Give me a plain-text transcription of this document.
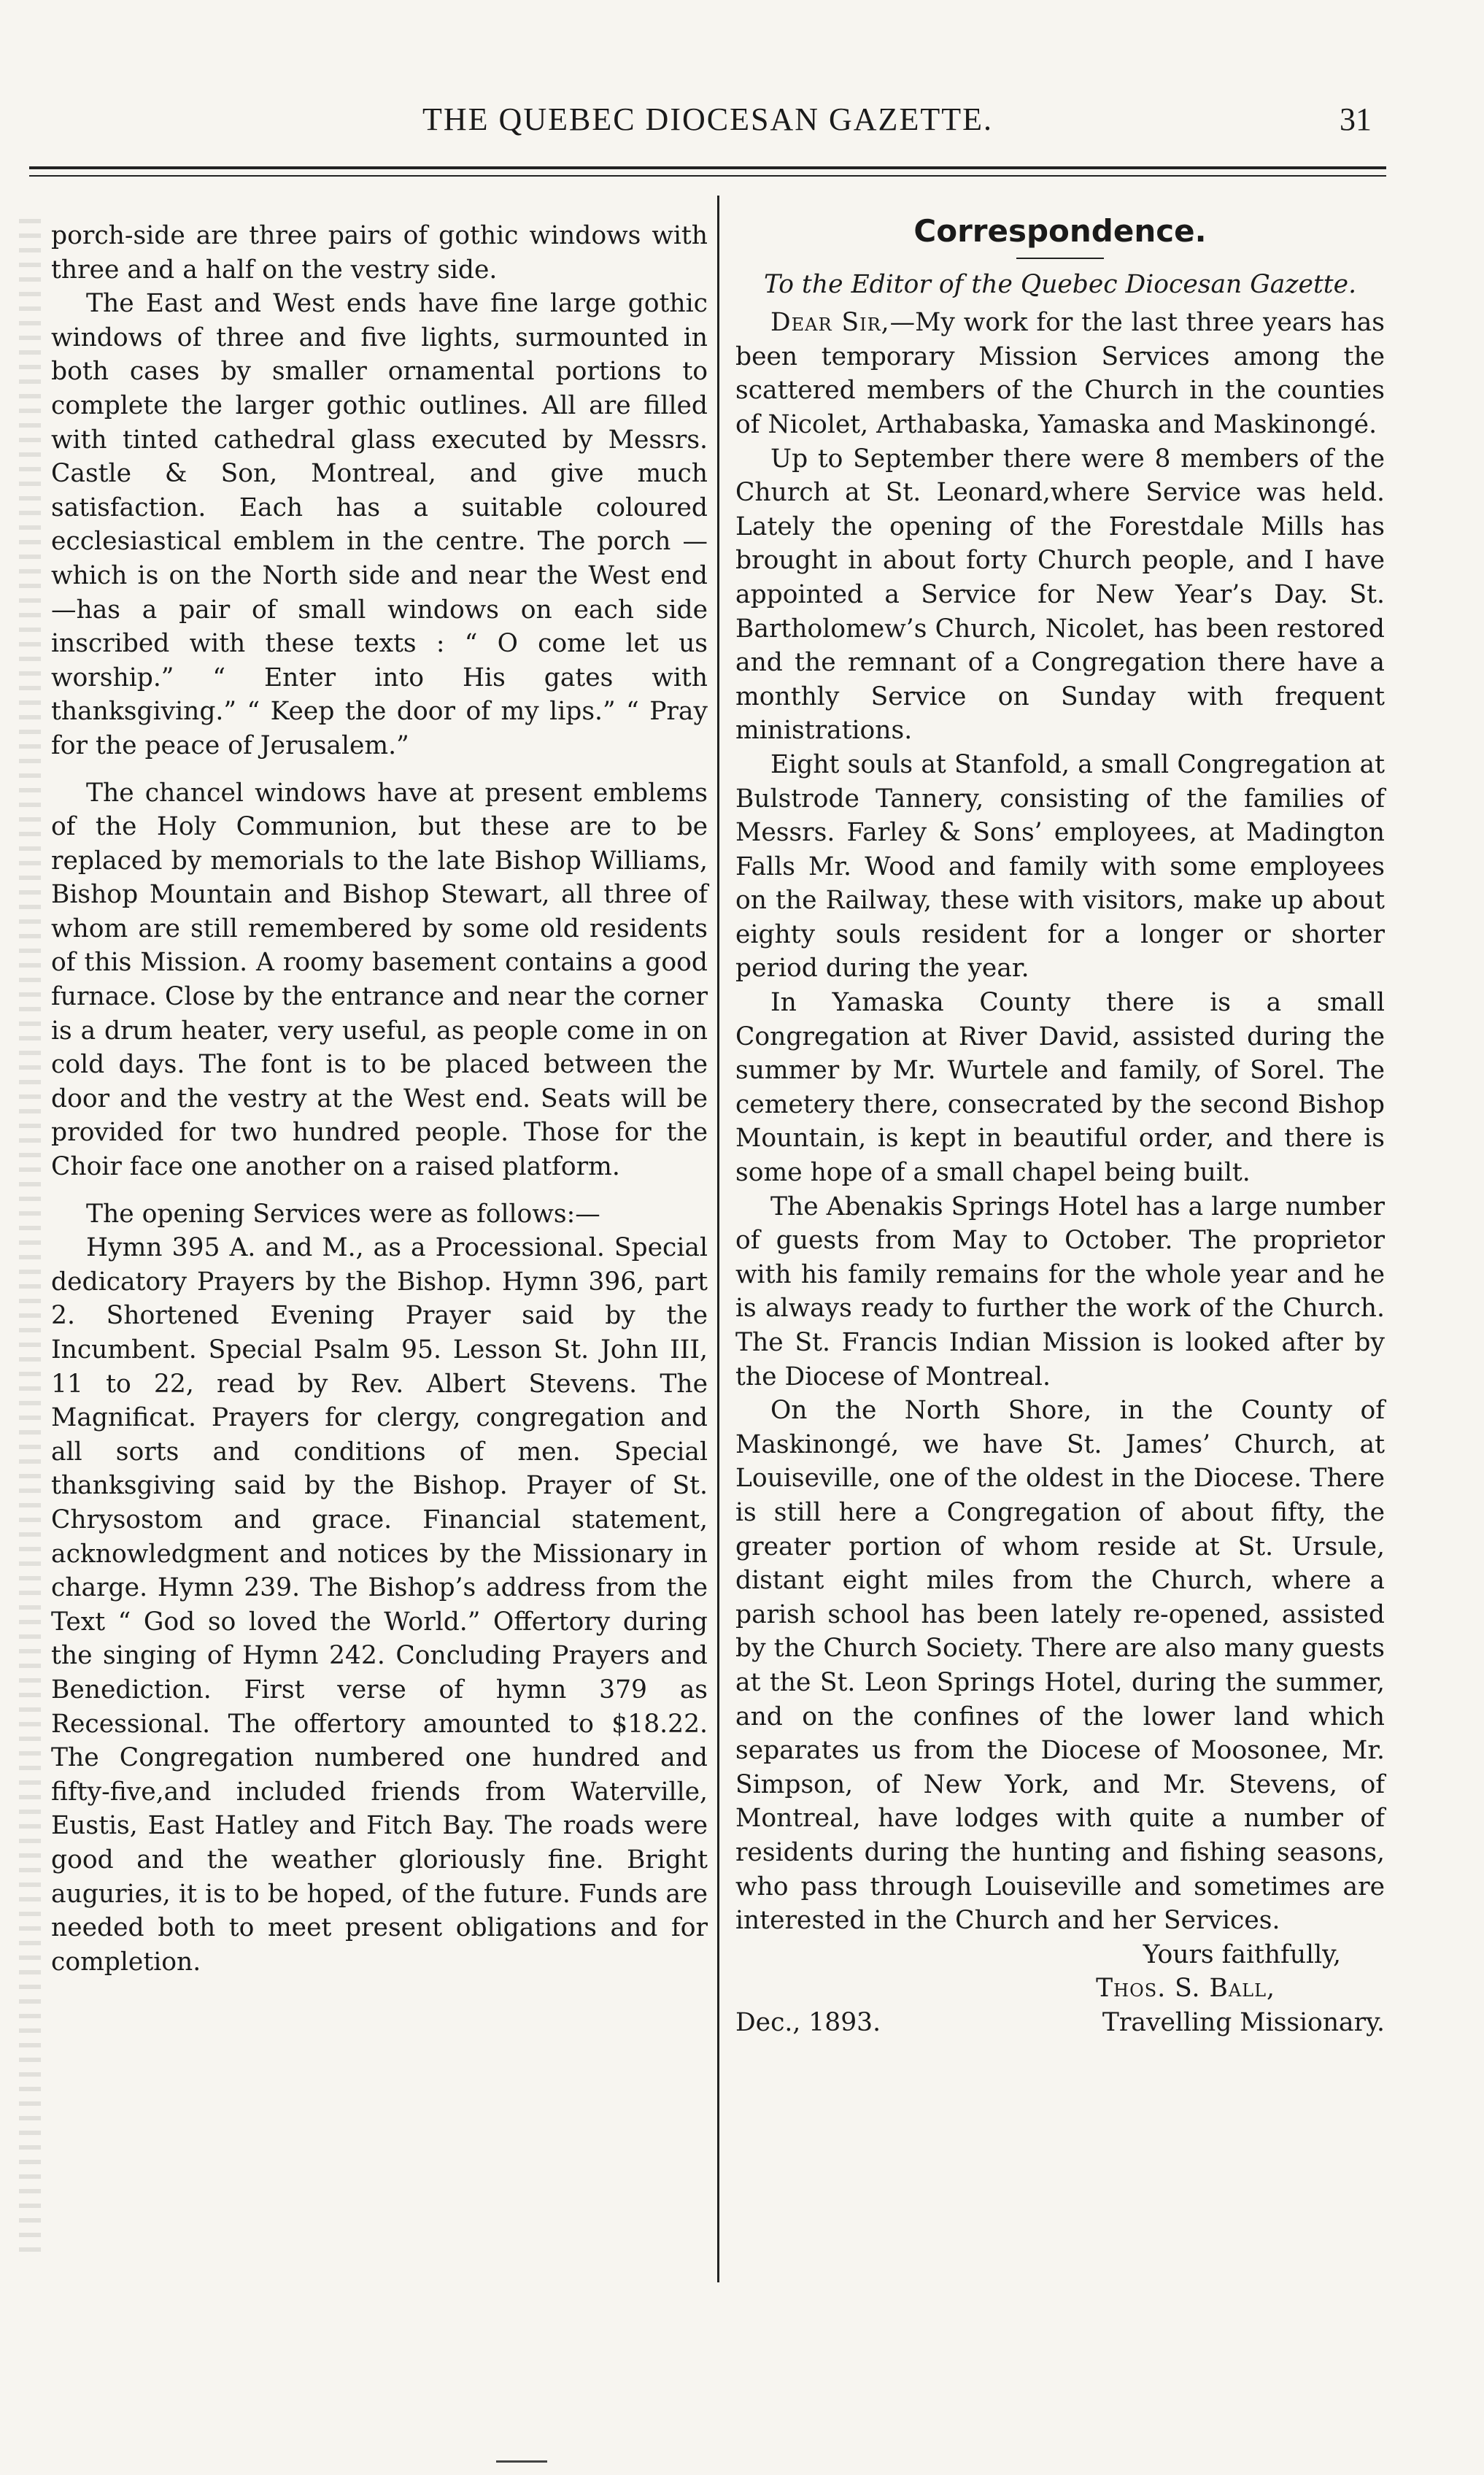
THE QUEBEC DIOCESAN GAZETTE.	31

porch-side are three pairs of gothic windows with three and a half on the vestry side.

The East and West ends have fine large gothic windows of three and five lights, surmounted in both cases by smaller ornamental portions to complete the larger gothic outlines. All are filled with tinted cathedral glass executed by Messrs. Castle & Son, Montreal, and give much satisfaction. Each has a suitable coloured ecclesiastical emblem in the centre. The porch —which is on the North side and near the West end—has a pair of small windows on each side inscribed with these texts : “ O come let us worship.” “ Enter into His gates with thanksgiving.” “ Keep the door of my lips.” “ Pray for the peace of Jerusalem.”

The chancel windows have at present emblems of the Holy Communion, but these are to be replaced by memorials to the late Bishop Williams, Bishop Mountain and Bishop Stewart, all three of whom are still remembered by some old residents of this Mission. A roomy basement contains a good furnace. Close by the entrance and near the corner is a drum heater, very useful, as people come in on cold days. The font is to be placed between the door and the vestry at the West end. Seats will be provided for two hundred people. Those for the Choir face one another on a raised platform.

The opening Services were as follows:—

Hymn 395 A. and M., as a Processional. Special dedicatory Prayers by the Bishop. Hymn 396, part 2. Shortened Evening Prayer said by the Incumbent. Special Psalm 95. Lesson St. John III, 11 to 22, read by Rev. Albert Stevens. The Magnificat. Prayers for clergy, congregation and all sorts and conditions of men. Special thanksgiving said by the Bishop. Prayer of St. Chrysostom and grace. Financial statement, acknowledgment and notices by the Missionary in charge. Hymn 239. The Bishop’s address from the Text “ God so loved the World.” Offertory during the singing of Hymn 242. Concluding Prayers and Benediction. First verse of hymn 379 as Recessional. The offertory amounted to $18.22. The Congregation numbered one hundred and fifty-five,and included friends from Waterville, Eustis, East Hatley and Fitch Bay. The roads were good and the weather gloriously fine. Bright auguries, it is to be hoped, of the future. Funds are needed both to meet present obligations and for completion.

Correspondence.
To the Editor of the Quebec Diocesan Gazette.

Dear Sir,—My work for the last three years has been temporary Mission Services among the scattered members of the Church in the counties of Nicolet, Arthabaska, Yamaska and Maskinongé.

Up to September there were 8 members of the Church at St. Leonard,where Service was held. Lately the opening of the Forestdale Mills has brought in about forty Church people, and I have appointed a Service for New Year’s Day. St. Bartholomew’s Church, Nicolet, has been restored and the remnant of a Congregation there have a monthly Service on Sunday with frequent ministrations.

Eight souls at Stanfold, a small Congregation at Bulstrode Tannery, consisting of the families of Messrs. Farley & Sons’ employees, at Madington Falls Mr. Wood and family with some employees on the Railway, these with visitors, make up about eighty souls resident for a longer or shorter period during the year.

In Yamaska County there is a small Congregation at River David, assisted during the summer by Mr. Wurtele and family, of Sorel. The cemetery there, consecrated by the second Bishop Mountain, is kept in beautiful order, and there is some hope of a small chapel being built.

The Abenakis Springs Hotel has a large number of guests from May to October. The proprietor with his family remains for the whole year and he is always ready to further the work of the Church. The St. Francis Indian Mission is looked after by the Diocese of Montreal.

On the North Shore, in the County of Maskinongé, we have St. James’ Church, at Louiseville, one of the oldest in the Diocese. There is still here a Congregation of about fifty, the greater portion of whom reside at St. Ursule, distant eight miles from the Church, where a parish school has been lately re-opened, assisted by the Church Society. There are also many guests at the St. Leon Springs Hotel, during the summer, and on the confines of the lower land which separates us from the Diocese of Moosonee, Mr. Simpson, of New York, and Mr. Stevens, of Montreal, have lodges with quite a number of residents during the hunting and fishing seasons, who pass through Louiseville and sometimes are interested in the Church and her Services.

Yours faithfully,
Thos. S. Ball,
Dec., 1893.	Travelling Missionary.
